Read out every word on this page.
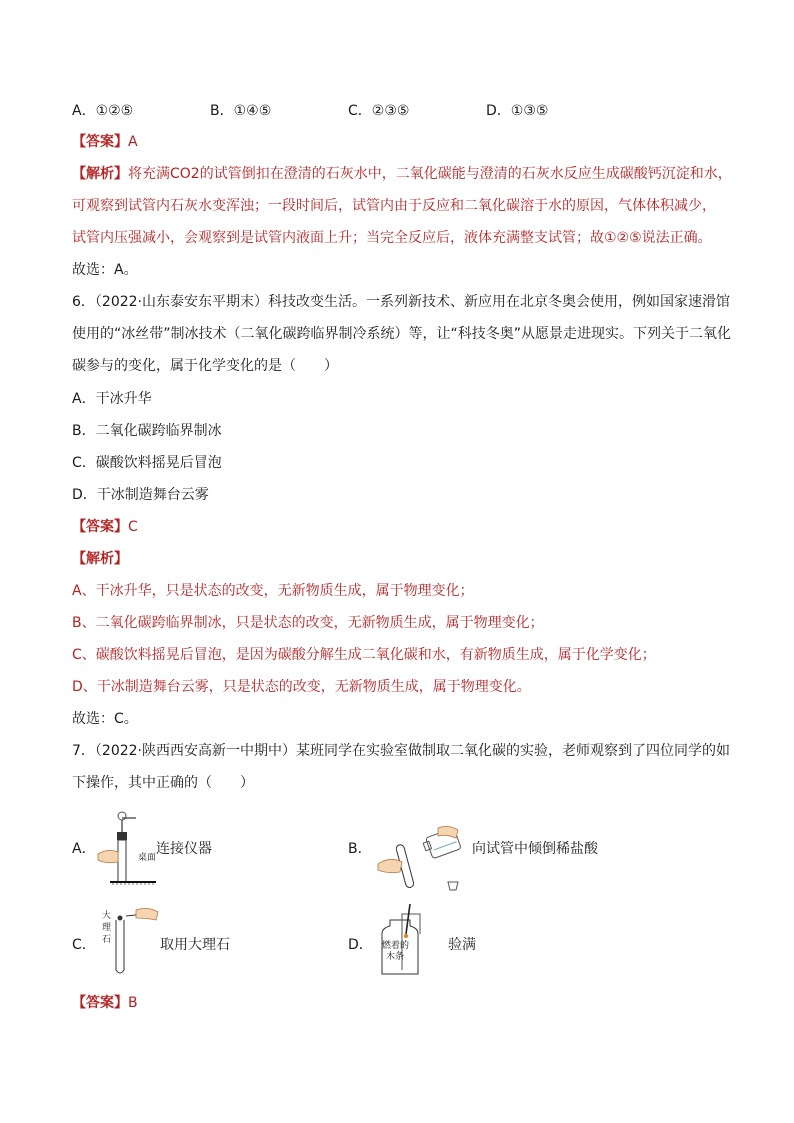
A．①②⑤	B．①④⑤	C．②③⑤	D．①③⑤
【答案】A
【解析】将充满CO2的试管倒扣在澄清的石灰水中，二氧化碳能与澄清的石灰水反应生成碳酸钙沉淀和水，
可观察到试管内石灰水变浑浊；一段时间后，试管内由于反应和二氧化碳溶于水的原因，气体体积减少，
试管内压强减小，会观察到是试管内液面上升；当完全反应后，液体充满整支试管；故①②⑤说法正确。
故选：A。
6．（2022·山东泰安东平期末）科技改变生活。一系列新技术、新应用在北京冬奥会使用，例如国家速滑馆
使用的“冰丝带”制冰技术（二氧化碳跨临界制冷系统）等，让“科技冬奥”从愿景走进现实。下列关于二氧化
碳参与的变化，属于化学变化的是（　　）
A．干冰升华
B．二氧化碳跨临界制冰
C．碳酸饮料摇晃后冒泡
D．干冰制造舞台云雾
【答案】C
【解析】
A、干冰升华，只是状态的改变，无新物质生成，属于物理变化；
B、二氧化碳跨临界制冰，只是状态的改变，无新物质生成，属于物理变化；
C、碳酸饮料摇晃后冒泡，是因为碳酸分解生成二氧化碳和水，有新物质生成，属于化学变化；
D、干冰制造舞台云雾，只是状态的改变，无新物质生成，属于物理变化。
故选：C。
7．（2022·陕西西安高新一中期中）某班同学在实验室做制取二氧化碳的实验，老师观察到了四位同学的如
下操作，其中正确的（　　）
A．
桌面
连接仪器	B．	向试管中倾倒稀盐酸
C．
大
理
石	取用大理石	D． 燃着的
木条
验满
【答案】B
